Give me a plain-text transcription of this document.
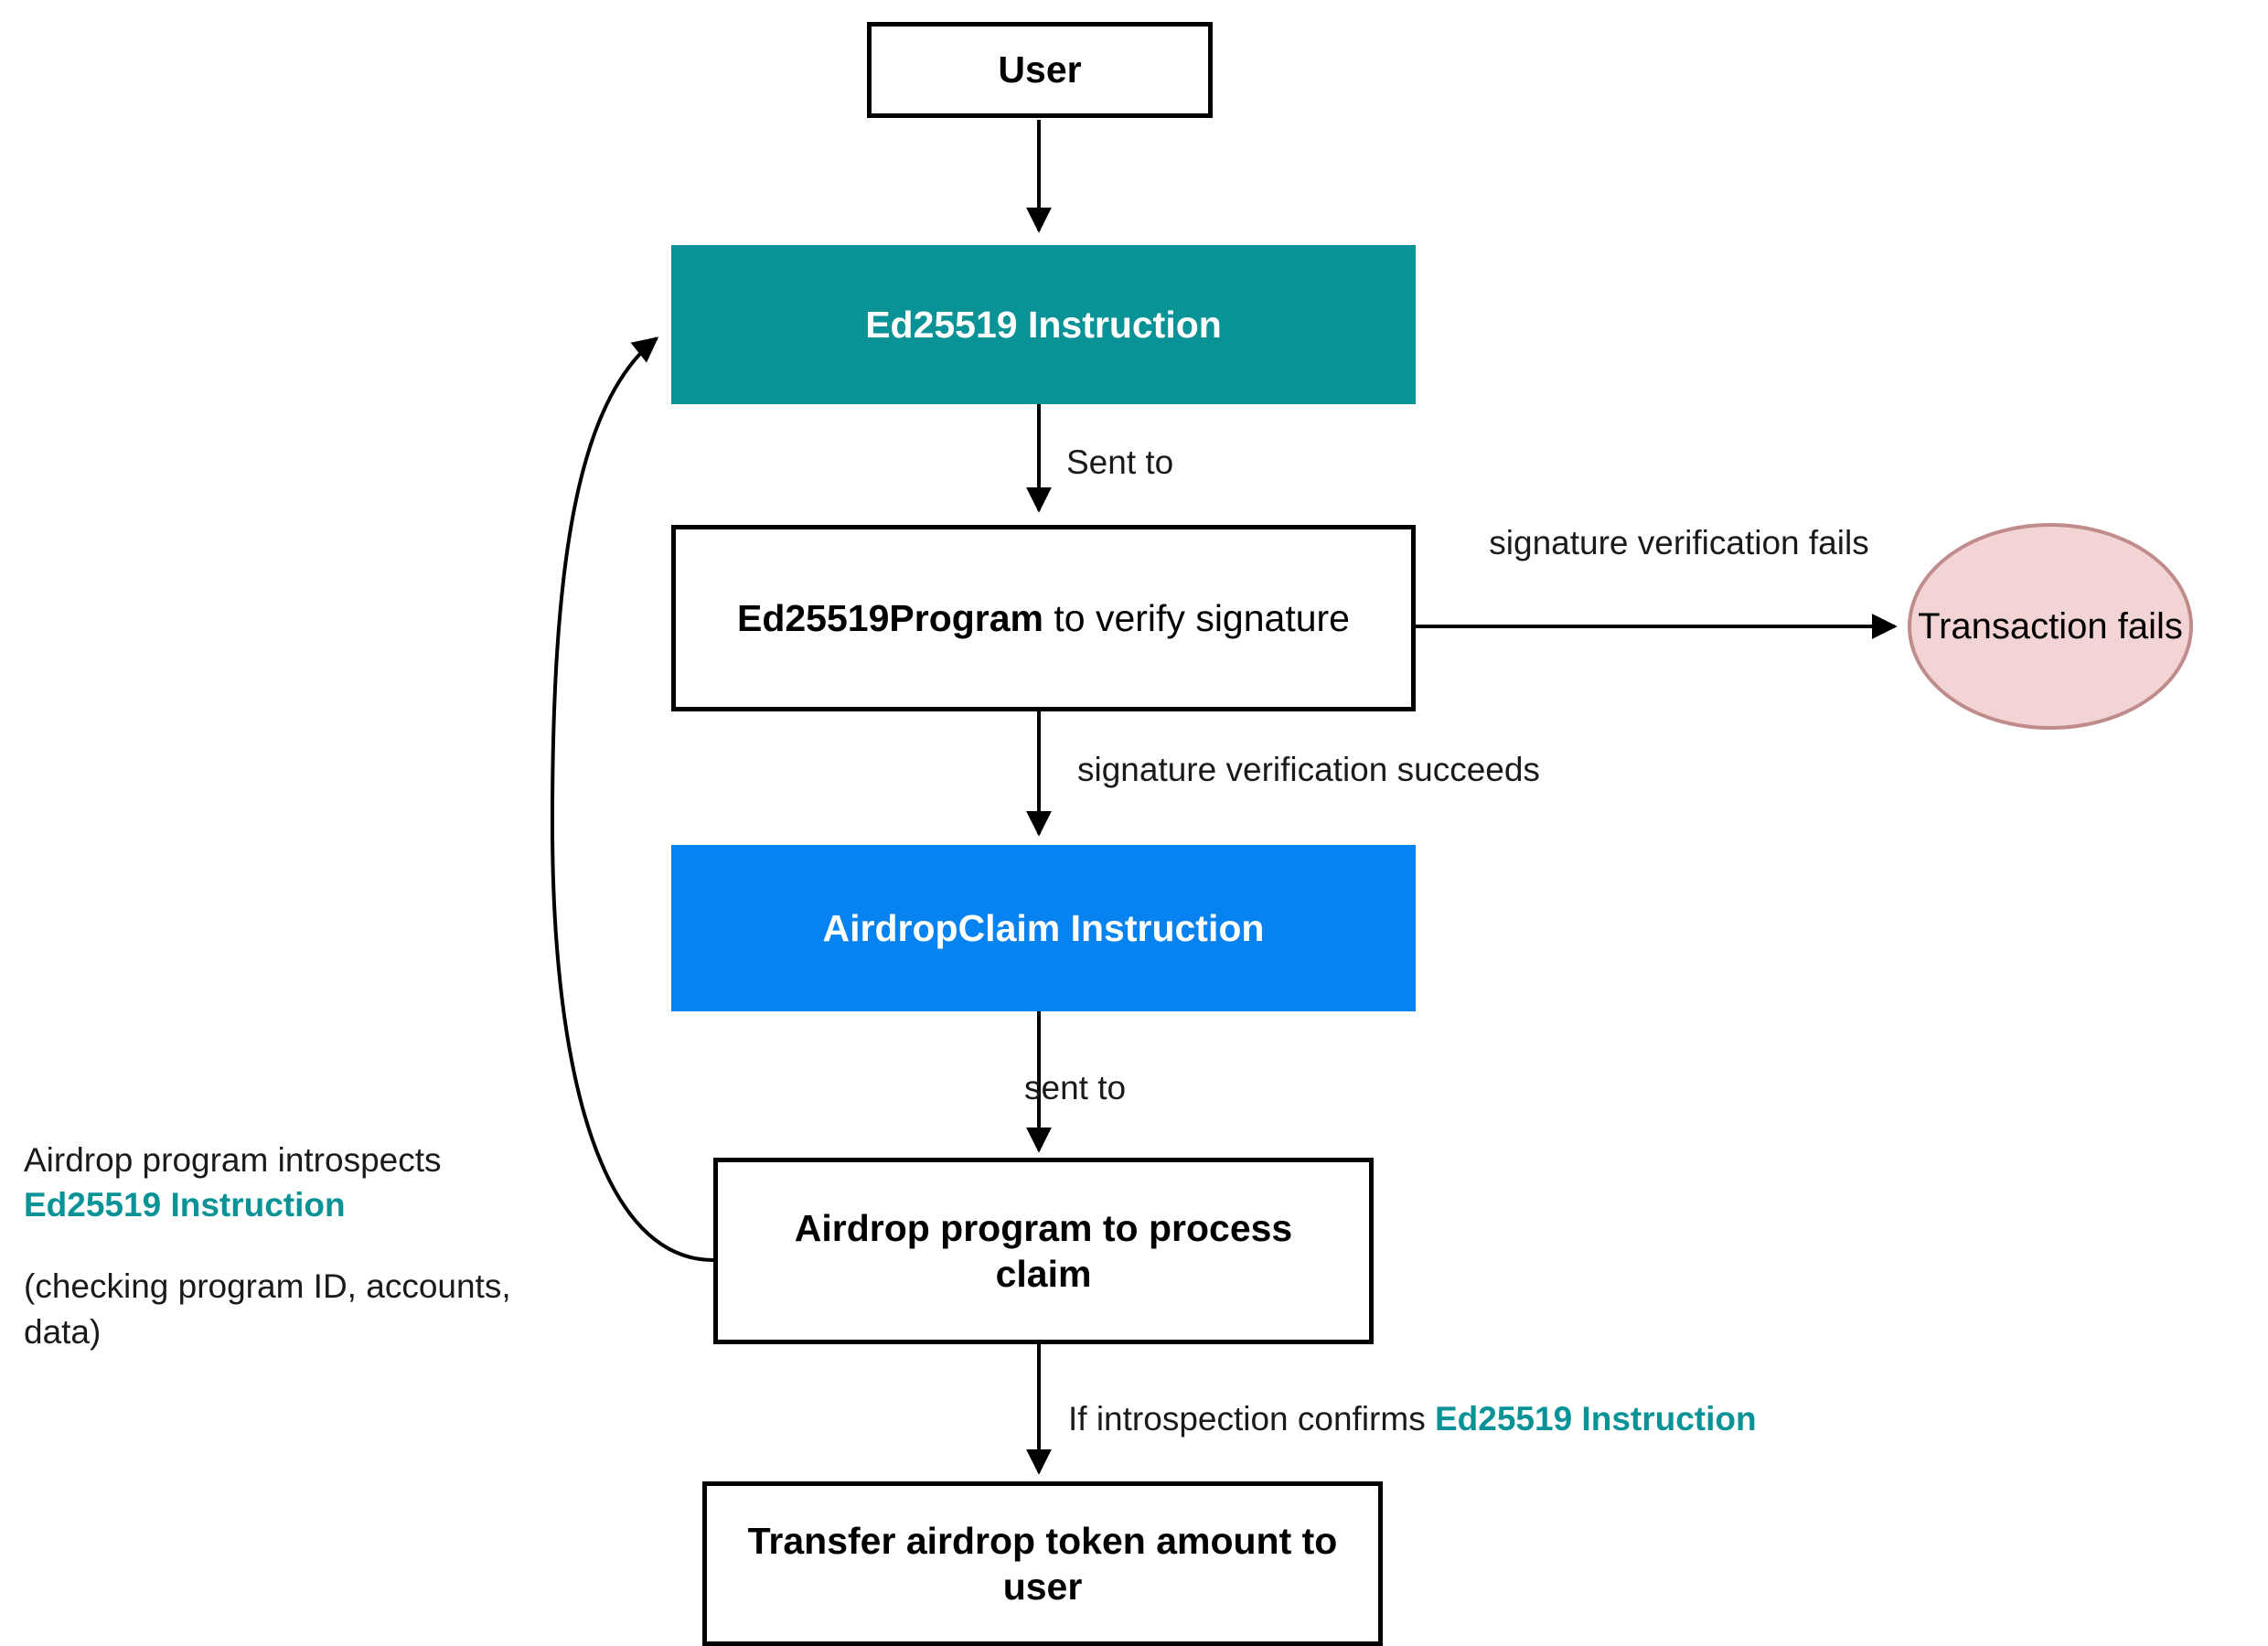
User
Ed25519 Instruction
Ed25519Program to verify signature	Transaction fails
AirdropClaim Instruction
Airdrop program to process claim
Transfer airdrop token amount to user
Sent to
signature verification fails
signature verification succeeds
sent to
If introspection confirms Ed25519 Instruction
Airdrop program introspects
Ed25519 Instruction
(checking program ID, accounts,
data)
